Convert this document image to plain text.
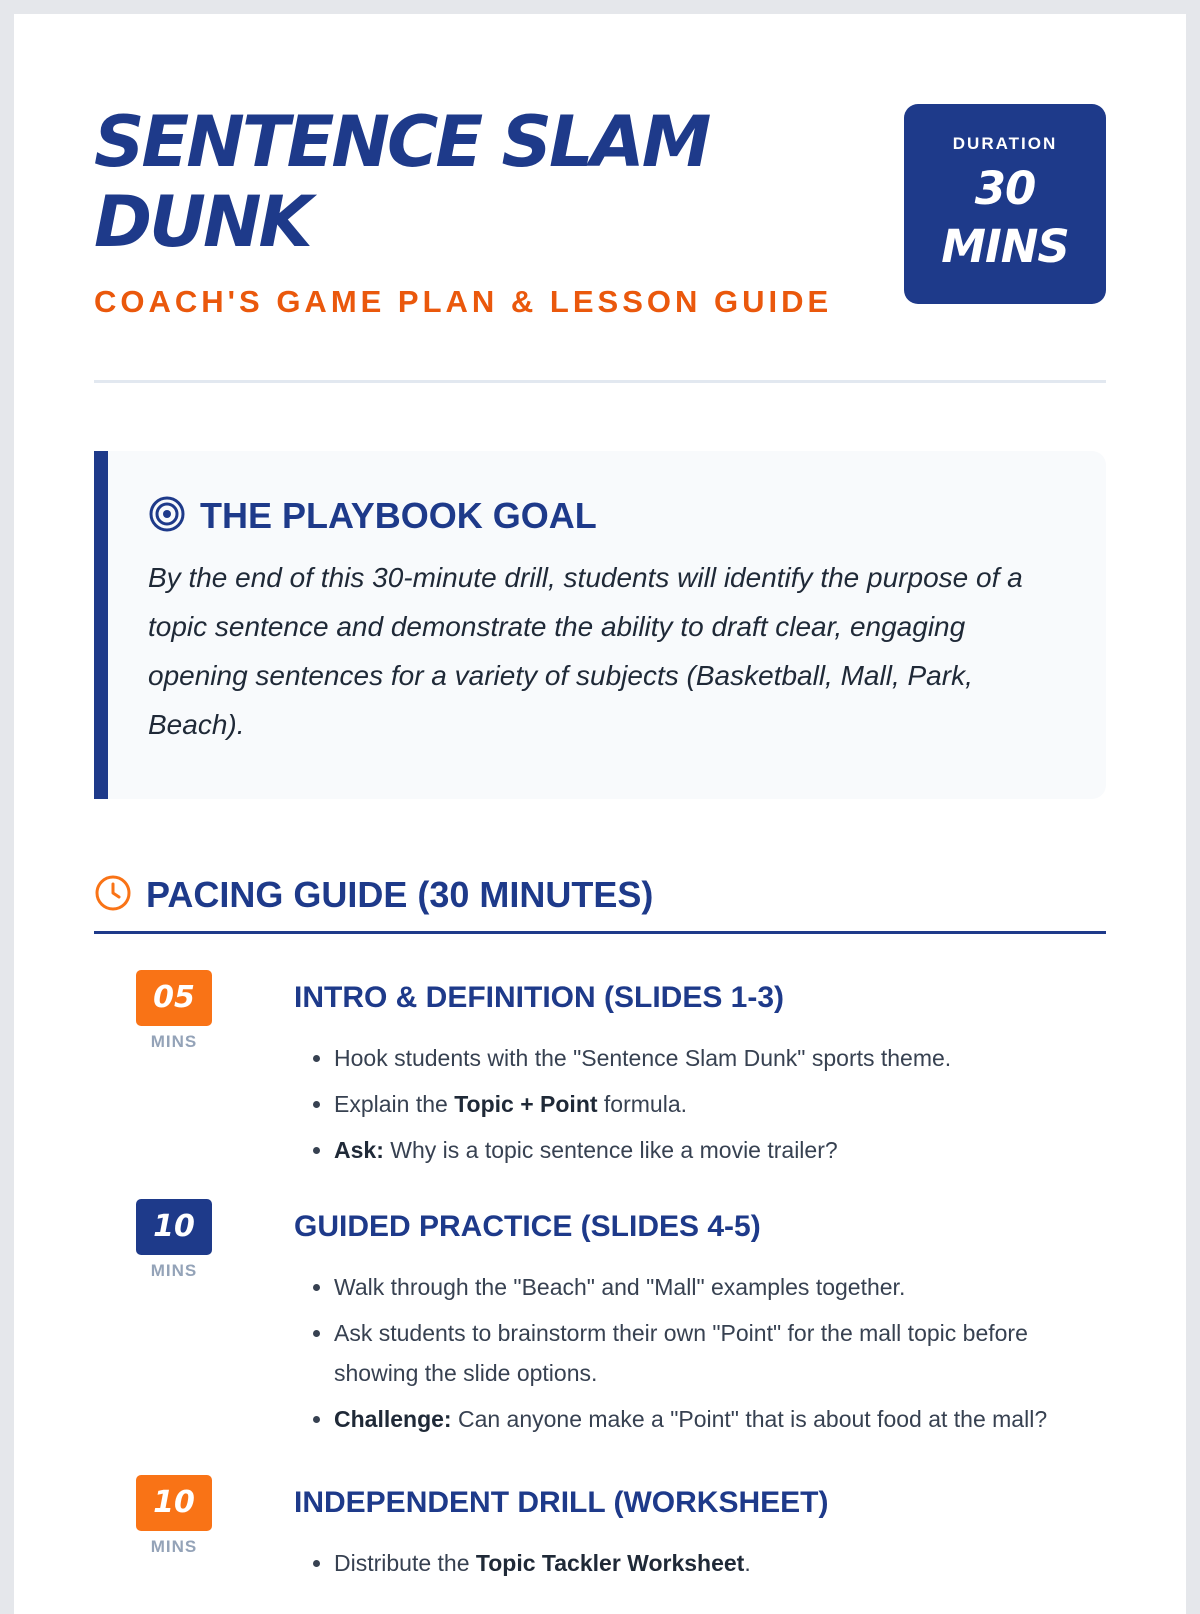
SENTENCE SLAM DUNK
COACH'S GAME PLAN & LESSON GUIDE
DURATION
30 MINS
THE PLAYBOOK GOAL
By the end of this 30-minute drill, students will identify the purpose of a topic sentence and demonstrate the ability to draft clear, engaging opening sentences for a variety of subjects (Basketball, Mall, Park, Beach).
PACING GUIDE (30 MINUTES)
05
MINS
INTRO & DEFINITION (SLIDES 1-3)
• Hook students with the "Sentence Slam Dunk" sports theme.
• Explain the Topic + Point formula.
• Ask: Why is a topic sentence like a movie trailer?
10
MINS
GUIDED PRACTICE (SLIDES 4-5)
• Walk through the "Beach" and "Mall" examples together.
• Ask students to brainstorm their own "Point" for the mall topic before showing the slide options.
• Challenge: Can anyone make a "Point" that is about food at the mall?
10
MINS
INDEPENDENT DRILL (WORKSHEET)
• Distribute the Topic Tackler Worksheet.
